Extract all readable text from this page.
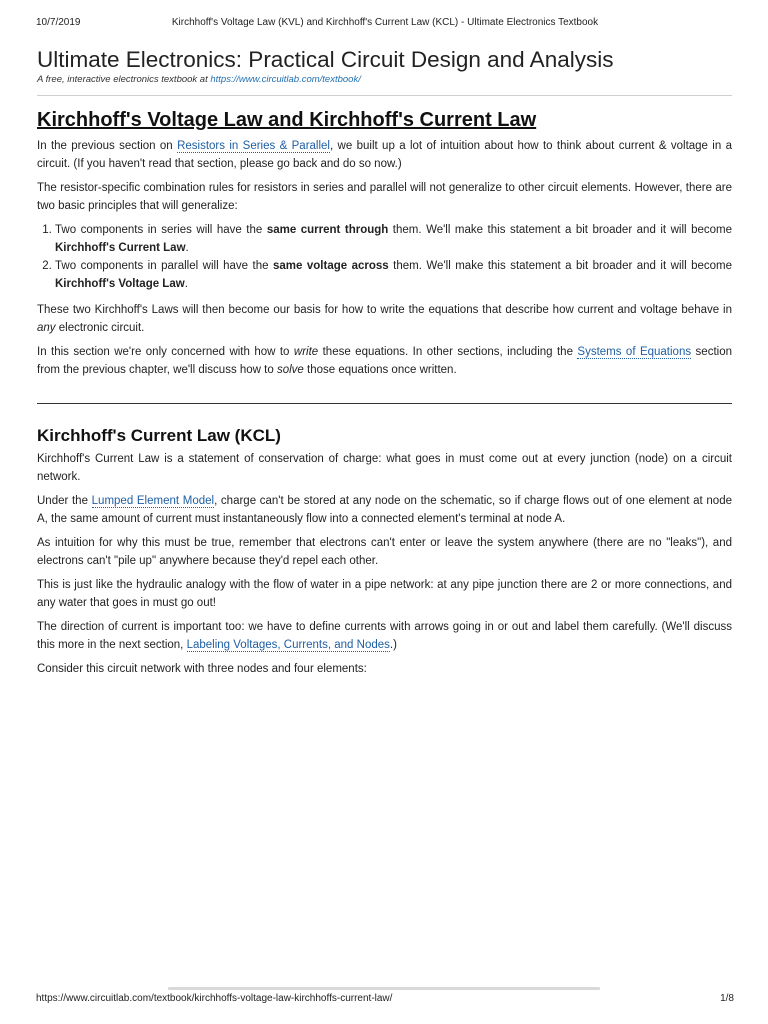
10/7/2019	Kirchhoff's Voltage Law (KVL) and Kirchhoff's Current Law (KCL) - Ultimate Electronics Textbook
Ultimate Electronics: Practical Circuit Design and Analysis

A free, interactive electronics textbook at https://www.circuitlab.com/textbook/

Kirchhoff's Voltage Law and Kirchhoff's Current Law

In the previous section on Resistors in Series & Parallel, we built up a lot of intuition about how to think about current & voltage in a circuit. (If you haven't read that section, please go back and do so now.)

The resistor-specific combination rules for resistors in series and parallel will not generalize to other circuit elements. However, there are two basic principles that will generalize:

1. Two components in series will have the same current through them. We'll make this statement a bit broader and it will become Kirchhoff's Current Law.
2. Two components in parallel will have the same voltage across them. We'll make this statement a bit broader and it will become Kirchhoff's Voltage Law.

These two Kirchhoff's Laws will then become our basis for how to write the equations that describe how current and voltage behave in any electronic circuit.

In this section we're only concerned with how to write these equations. In other sections, including the Systems of Equations section from the previous chapter, we'll discuss how to solve those equations once written.

Kirchhoff's Current Law (KCL)

Kirchhoff's Current Law is a statement of conservation of charge: what goes in must come out at every junction (node) on a circuit network.

Under the Lumped Element Model, charge can't be stored at any node on the schematic, so if charge flows out of one element at node A, the same amount of current must instantaneously flow into a connected element's terminal at node A.

As intuition for why this must be true, remember that electrons can't enter or leave the system anywhere (there are no "leaks"), and electrons can't "pile up" anywhere because they'd repel each other.

This is just like the hydraulic analogy with the flow of water in a pipe network: at any pipe junction there are 2 or more connections, and any water that goes in must go out!

The direction of current is important too: we have to define currents with arrows going in or out and label them carefully. (We'll discuss this more in the next section, Labeling Voltages, Currents, and Nodes.)

Consider this circuit network with three nodes and four elements:

https://www.circuitlab.com/textbook/kirchhoffs-voltage-law-kirchhoffs-current-law/	1/8
